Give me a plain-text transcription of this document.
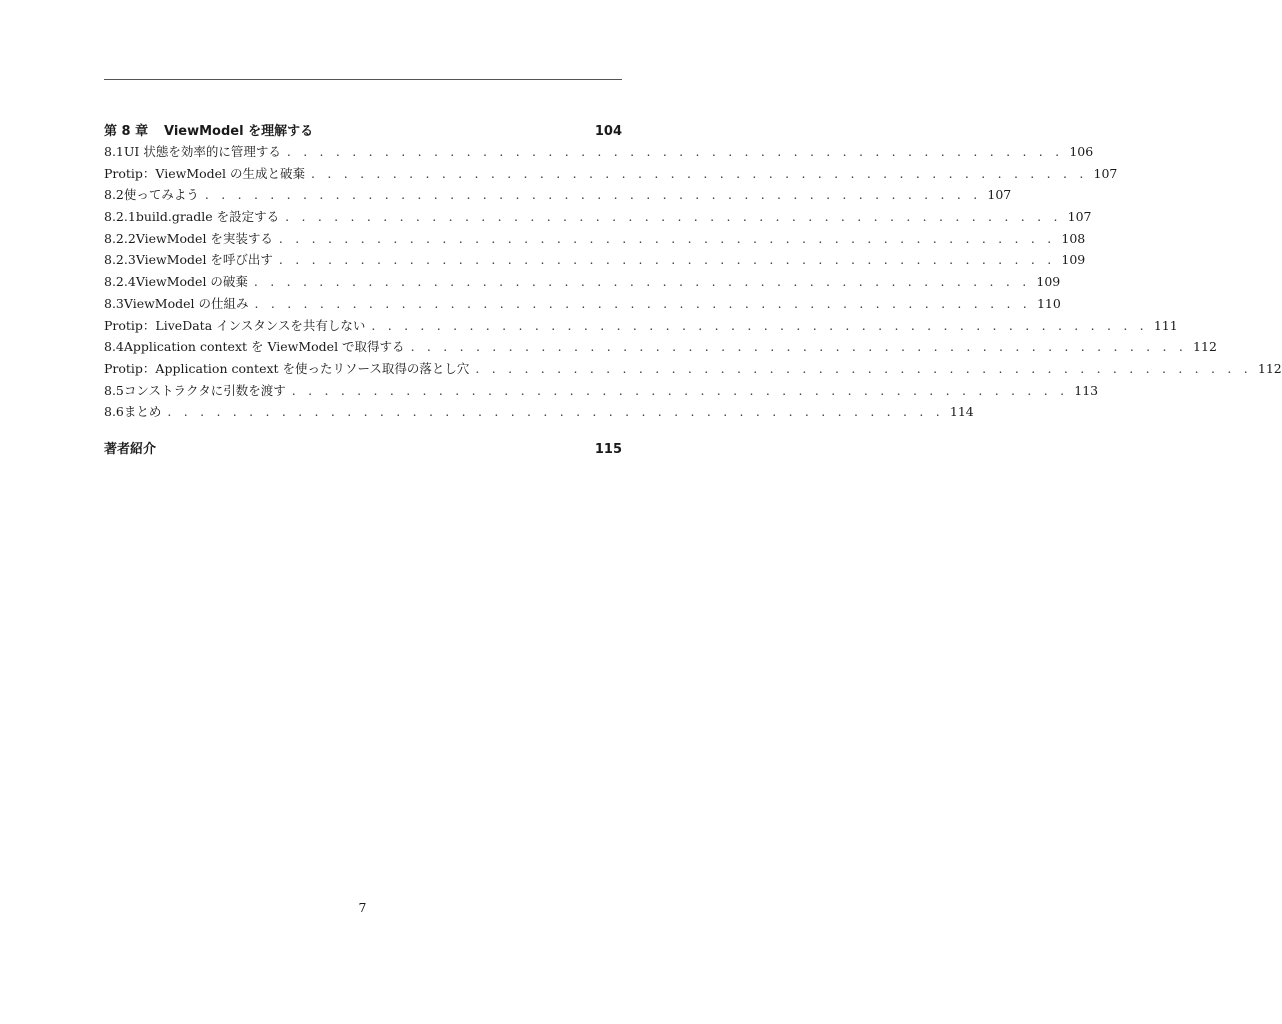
第 8 章	ViewModel を理解する	104
8.1 UI 状態を効率的に管理する . . . . . . . . . . . . . . . . . . . . . . . . . . . . . . . . . . . . . . . . . . . . . . . . 106
Protip：ViewModel の生成と破棄 . . . . . . . . . . . . . . . . . . . . . . . . . . . . . . . . . . . . . . . . . . . . . . . . 107
8.2 使ってみよう . . . . . . . . . . . . . . . . . . . . . . . . . . . . . . . . . . . . . . . . . . . . . . . . 107
8.2.1 build.gradle を設定する . . . . . . . . . . . . . . . . . . . . . . . . . . . . . . . . . . . . . . . . . . . . . . . . 107
8.2.2 ViewModel を実装する . . . . . . . . . . . . . . . . . . . . . . . . . . . . . . . . . . . . . . . . . . . . . . . . 108
8.2.3 ViewModel を呼び出す . . . . . . . . . . . . . . . . . . . . . . . . . . . . . . . . . . . . . . . . . . . . . . . . 109
8.2.4 ViewModel の破棄 . . . . . . . . . . . . . . . . . . . . . . . . . . . . . . . . . . . . . . . . . . . . . . . . 109
8.3 ViewModel の仕組み . . . . . . . . . . . . . . . . . . . . . . . . . . . . . . . . . . . . . . . . . . . . . . . . 110
Protip：LiveData インスタンスを共有しない . . . . . . . . . . . . . . . . . . . . . . . . . . . . . . . . . . . . . . . . . . . . . . . . 111
8.4 Application context を ViewModel で取得する . . . . . . . . . . . . . . . . . . . . . . . . . . . . . . . . . . . . . . . . . . . . . . . . 112
Protip：Application context を使ったリソース取得の落とし穴 . . . . . . . . . . . . . . . . . . . . . . . . . . . . . . . . . . . . . . . . . . . . . . . . 112
8.5 コンストラクタに引数を渡す . . . . . . . . . . . . . . . . . . . . . . . . . . . . . . . . . . . . . . . . . . . . . . . . 113
8.6 まとめ . . . . . . . . . . . . . . . . . . . . . . . . . . . . . . . . . . . . . . . . . . . . . . . . 114
著者紹介	115
7
